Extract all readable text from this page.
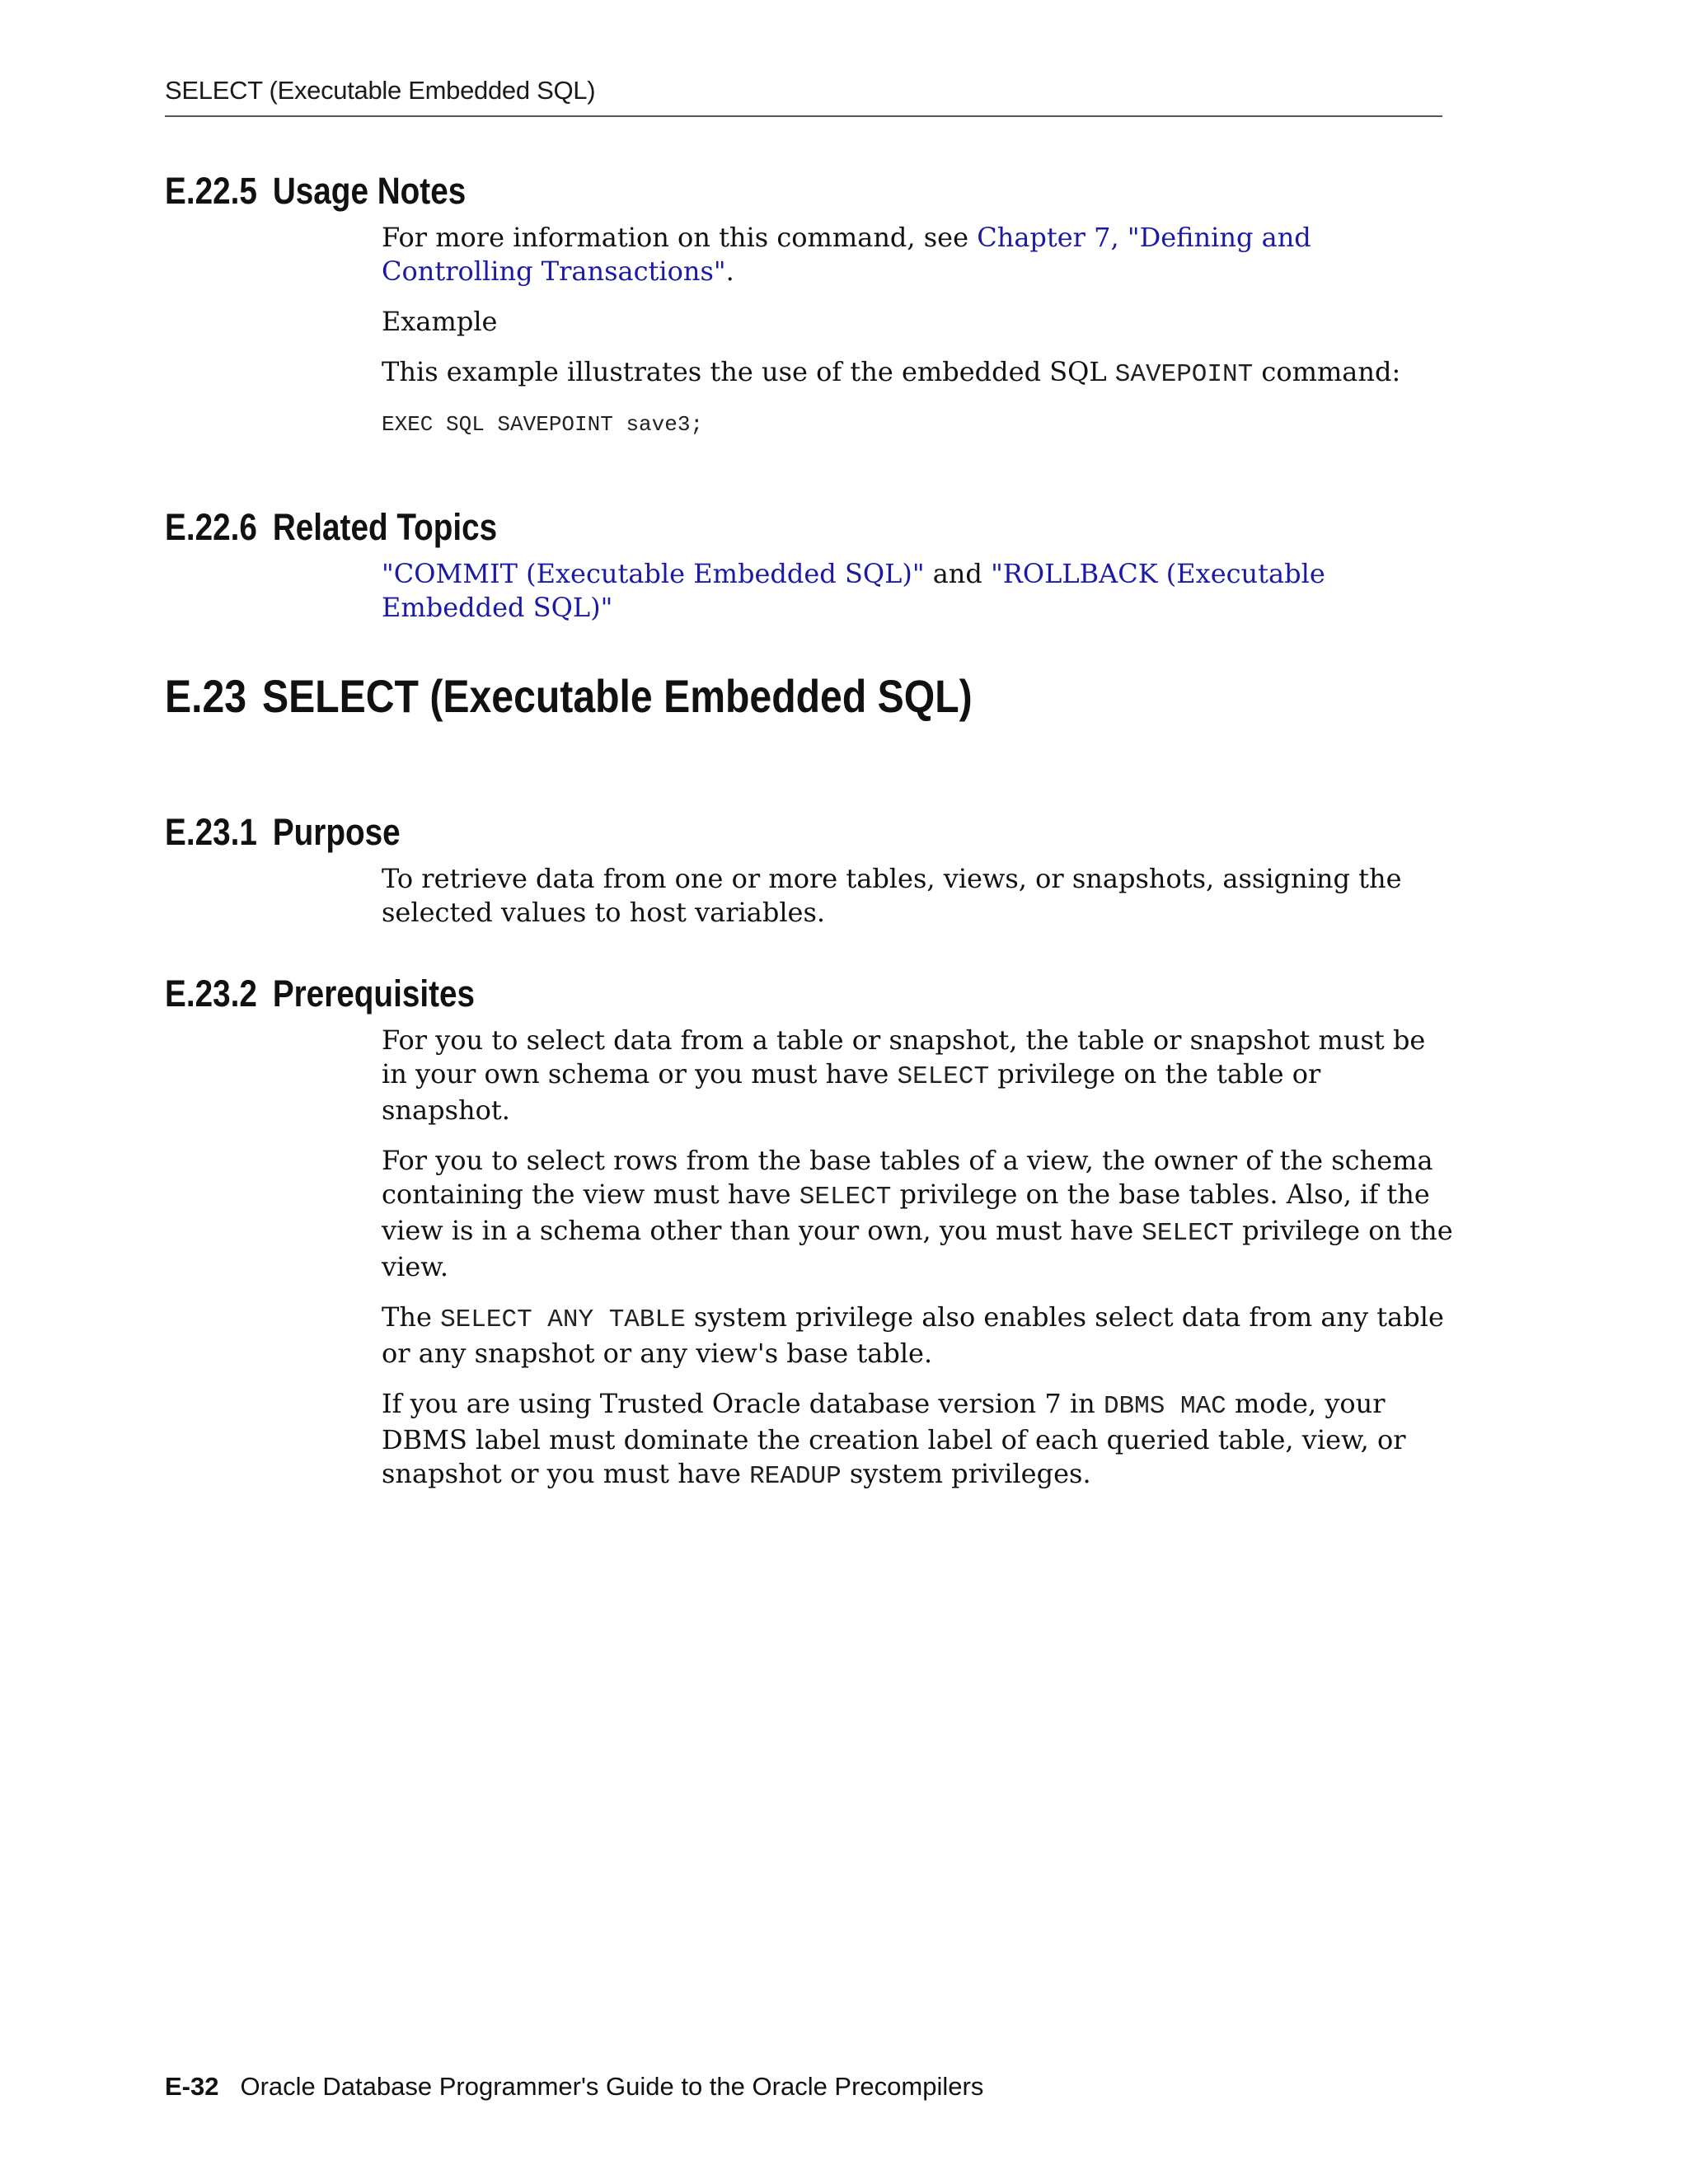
SELECT (Executable Embedded SQL)
E.22.5 Usage Notes

For more information on this command, see Chapter 7, "Defining and Controlling Transactions".

Example

This example illustrates the use of the embedded SQL SAVEPOINT command:

EXEC SQL SAVEPOINT save3;
E.22.6 Related Topics

"COMMIT (Executable Embedded SQL)" and "ROLLBACK (Executable Embedded SQL)"

E.23 SELECT (Executable Embedded SQL)
E.23.1 Purpose

To retrieve data from one or more tables, views, or snapshots, assigning the selected values to host variables.

E.23.2 Prerequisites

For you to select data from a table or snapshot, the table or snapshot must be in your own schema or you must have SELECT privilege on the table or snapshot.

For you to select rows from the base tables of a view, the owner of the schema containing the view must have SELECT privilege on the base tables. Also, if the view is in a schema other than your own, you must have SELECT privilege on the view.

The SELECT ANY TABLE system privilege also enables select data from any table or any snapshot or any view's base table.

If you are using Trusted Oracle database version 7 in DBMS MAC mode, your DBMS label must dominate the creation label of each queried table, view, or snapshot or you must have READUP system privileges.

E-32 Oracle Database Programmer's Guide to the Oracle Precompilers
